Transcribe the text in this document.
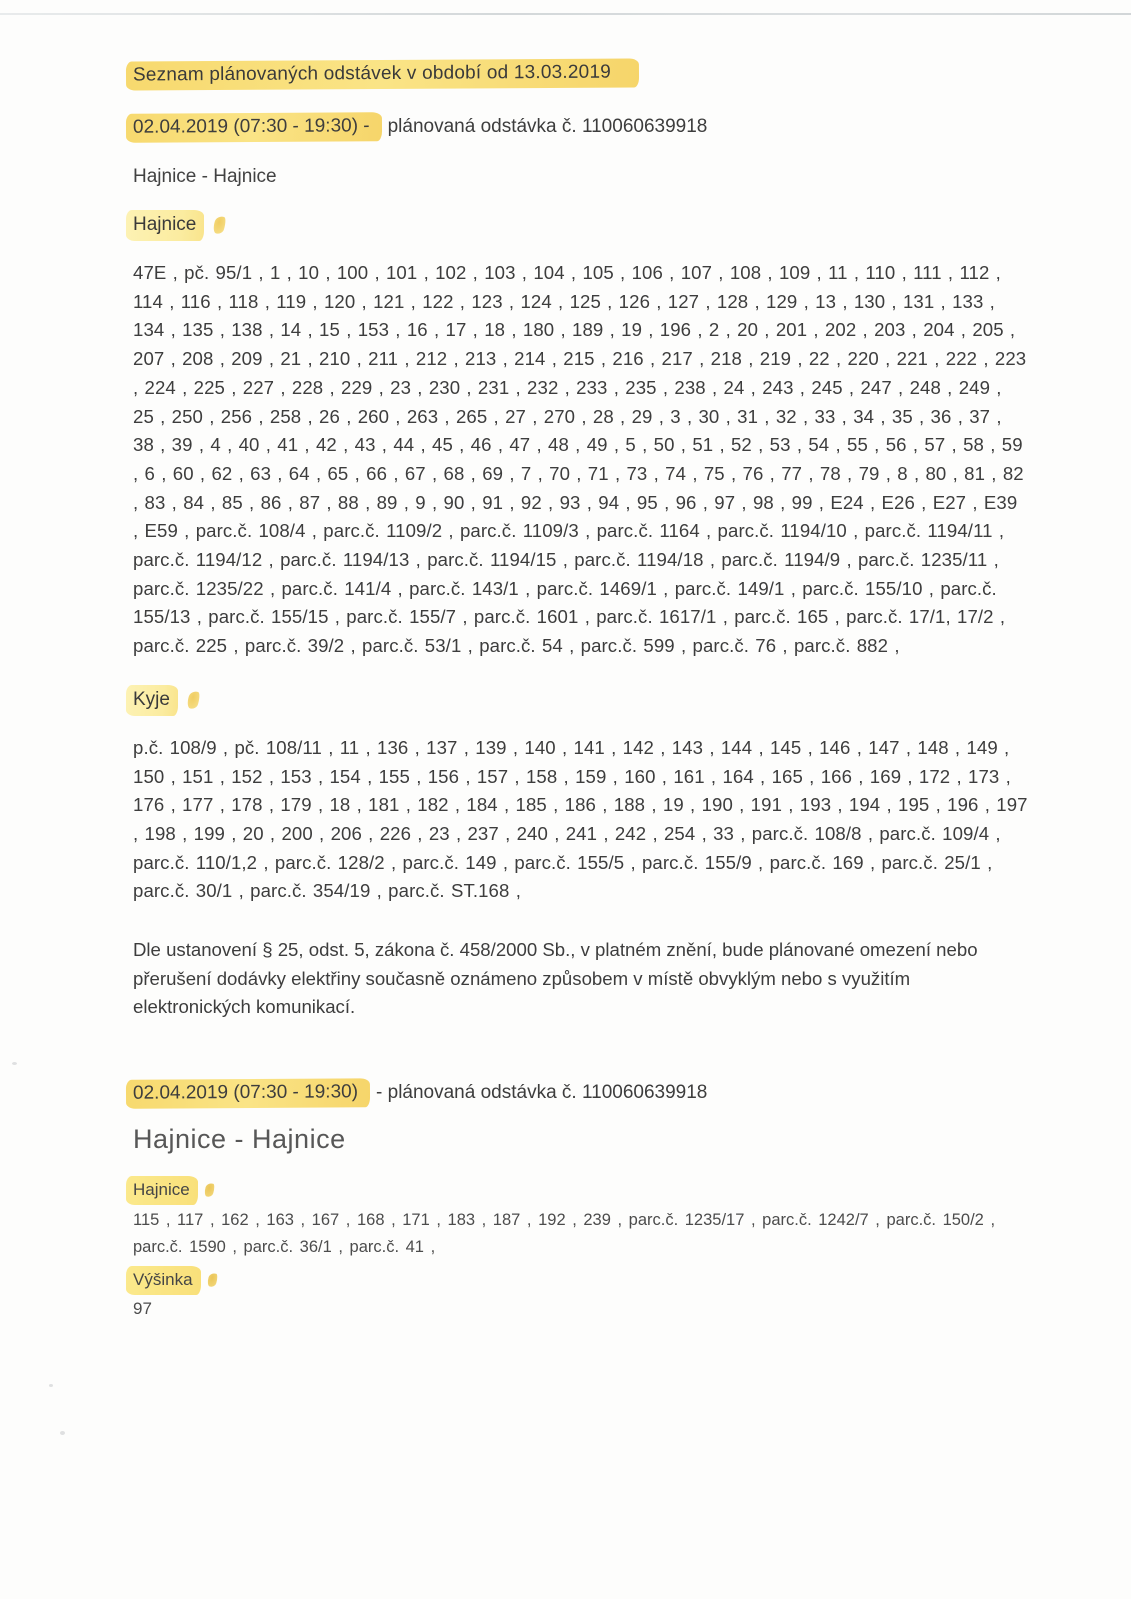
Seznam plánovaných odstávek v období od 13.03.2019
02.04.2019 (07:30 - 19:30) - plánovaná odstávka č. 110060639918
Hajnice - Hajnice
Hajnice
47E , pč. 95/1 , 1 , 10 , 100 , 101 , 102 , 103 , 104 , 105 , 106 , 107 , 108 , 109 , 11 , 110 , 111 , 112 , 114 , 116 , 118 , 119 , 120 , 121 , 122 , 123 , 124 , 125 , 126 , 127 , 128 , 129 , 13 , 130 , 131 , 133 , 134 , 135 , 138 , 14 , 15 , 153 , 16 , 17 , 18 , 180 , 189 , 19 , 196 , 2 , 20 , 201 , 202 , 203 , 204 , 205 , 207 , 208 , 209 , 21 , 210 , 211 , 212 , 213 , 214 , 215 , 216 , 217 , 218 , 219 , 22 , 220 , 221 , 222 , 223 , 224 , 225 , 227 , 228 , 229 , 23 , 230 , 231 , 232 , 233 , 235 , 238 , 24 , 243 , 245 , 247 , 248 , 249 , 25 , 250 , 256 , 258 , 26 , 260 , 263 , 265 , 27 , 270 , 28 , 29 , 3 , 30 , 31 , 32 , 33 , 34 , 35 , 36 , 37 , 38 , 39 , 4 , 40 , 41 , 42 , 43 , 44 , 45 , 46 , 47 , 48 , 49 , 5 , 50 , 51 , 52 , 53 , 54 , 55 , 56 , 57 , 58 , 59 , 6 , 60 , 62 , 63 , 64 , 65 , 66 , 67 , 68 , 69 , 7 , 70 , 71 , 73 , 74 , 75 , 76 , 77 , 78 , 79 , 8 , 80 , 81 , 82 , 83 , 84 , 85 , 86 , 87 , 88 , 89 , 9 , 90 , 91 , 92 , 93 , 94 , 95 , 96 , 97 , 98 , 99 , E24 , E26 , E27 , E39 , E59 , parc.č. 108/4 , parc.č. 1109/2 , parc.č. 1109/3 , parc.č. 1164 , parc.č. 1194/10 , parc.č. 1194/11 , parc.č. 1194/12 , parc.č. 1194/13 , parc.č. 1194/15 , parc.č. 1194/18 , parc.č. 1194/9 , parc.č. 1235/11 , parc.č. 1235/22 , parc.č. 141/4 , parc.č. 143/1 , parc.č. 1469/1 , parc.č. 149/1 , parc.č. 155/10 , parc.č. 155/13 , parc.č. 155/15 , parc.č. 155/7 , parc.č. 1601 , parc.č. 1617/1 , parc.č. 165 , parc.č. 17/1, 17/2 , parc.č. 225 , parc.č. 39/2 , parc.č. 53/1 , parc.č. 54 , parc.č. 599 , parc.č. 76 , parc.č. 882 ,
Kyje
p.č. 108/9 , pč. 108/11 , 11 , 136 , 137 , 139 , 140 , 141 , 142 , 143 , 144 , 145 , 146 , 147 , 148 , 149 , 150 , 151 , 152 , 153 , 154 , 155 , 156 , 157 , 158 , 159 , 160 , 161 , 164 , 165 , 166 , 169 , 172 , 173 , 176 , 177 , 178 , 179 , 18 , 181 , 182 , 184 , 185 , 186 , 188 , 19 , 190 , 191 , 193 , 194 , 195 , 196 , 197 , 198 , 199 , 20 , 200 , 206 , 226 , 23 , 237 , 240 , 241 , 242 , 254 , 33 , parc.č. 108/8 , parc.č. 109/4 , parc.č. 110/1,2 , parc.č. 128/2 , parc.č. 149 , parc.č. 155/5 , parc.č. 155/9 , parc.č. 169 , parc.č. 25/1 , parc.č. 30/1 , parc.č. 354/19 , parc.č. ST.168 ,
Dle ustanovení § 25, odst. 5, zákona č. 458/2000 Sb., v platném znění, bude plánované omezení nebo přerušení dodávky elektřiny současně oznámeno způsobem v místě obvyklým nebo s využitím elektronických komunikací.
02.04.2019 (07:30 - 19:30) - plánovaná odstávka č. 110060639918
Hajnice - Hajnice
Hajnice
115 , 117 , 162 , 163 , 167 , 168 , 171 , 183 , 187 , 192 , 239 , parc.č. 1235/17 , parc.č. 1242/7 , parc.č. 150/2 , parc.č. 1590 , parc.č. 36/1 , parc.č. 41 ,
Výšinka
97
